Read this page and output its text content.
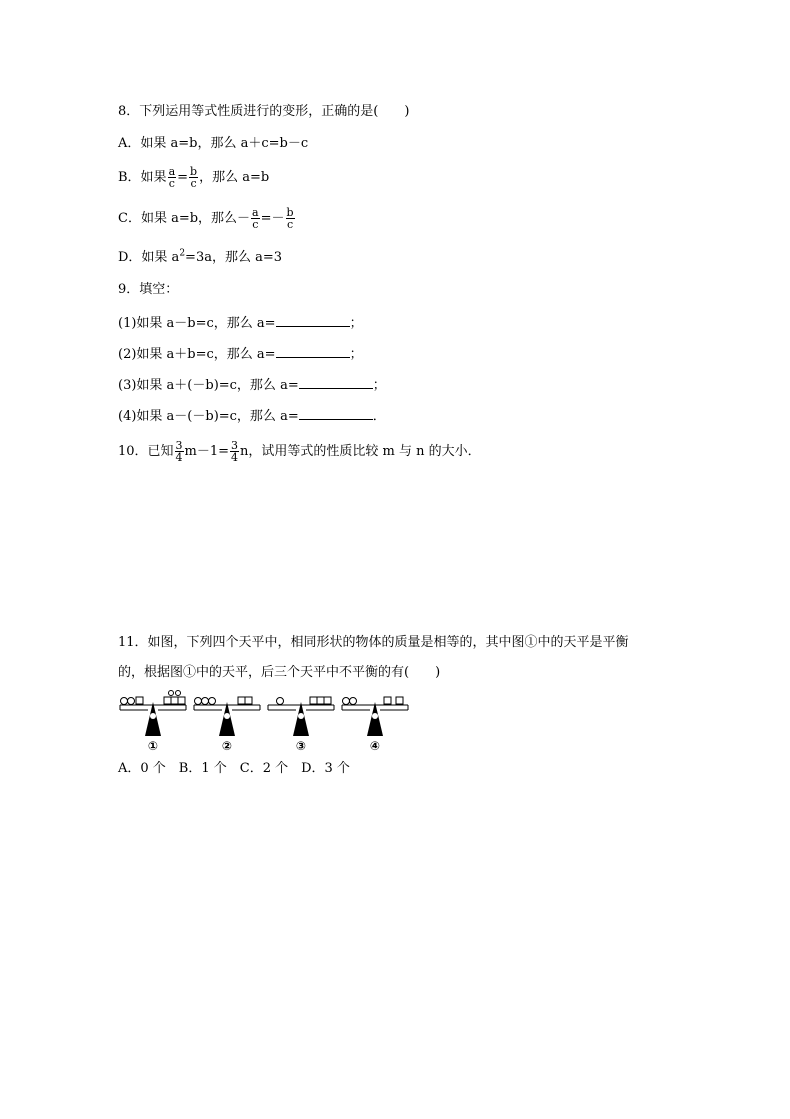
8．下列运用等式性质进行的变形，正确的是(　　)
A．如果 a=b，那么 a＋c=b－c
B．如果 $\frac{a}{c} = \frac{b}{c}$ ，那么 a=b
C．如果 a=b，那么－ $\frac{a}{c} =- \frac{b}{c}$
D．如果 $a^2=3a$，那么 a=3
9．填空：
(1)如果 a－b=c，那么 a=	；
(2)如果 a＋b=c，那么 a=	；
(3)如果 a＋(－b)=c，那么 a=	；
(4)如果 a－(－b)=c，那么 a=	．
10．已知 $\frac{3}{4} m-1= \frac{3}{4}$ n，试用等式的性质比较 m 与 n 的大小．
11．如图，下列四个天平中，相同形状的物体的质量是相等的，其中图①中的天平是平衡
的，根据图①中的天平，后三个天平中不平衡的有(　　)
①	②	③	④
A．0 个　B．1 个　C．2 个　D．3 个
